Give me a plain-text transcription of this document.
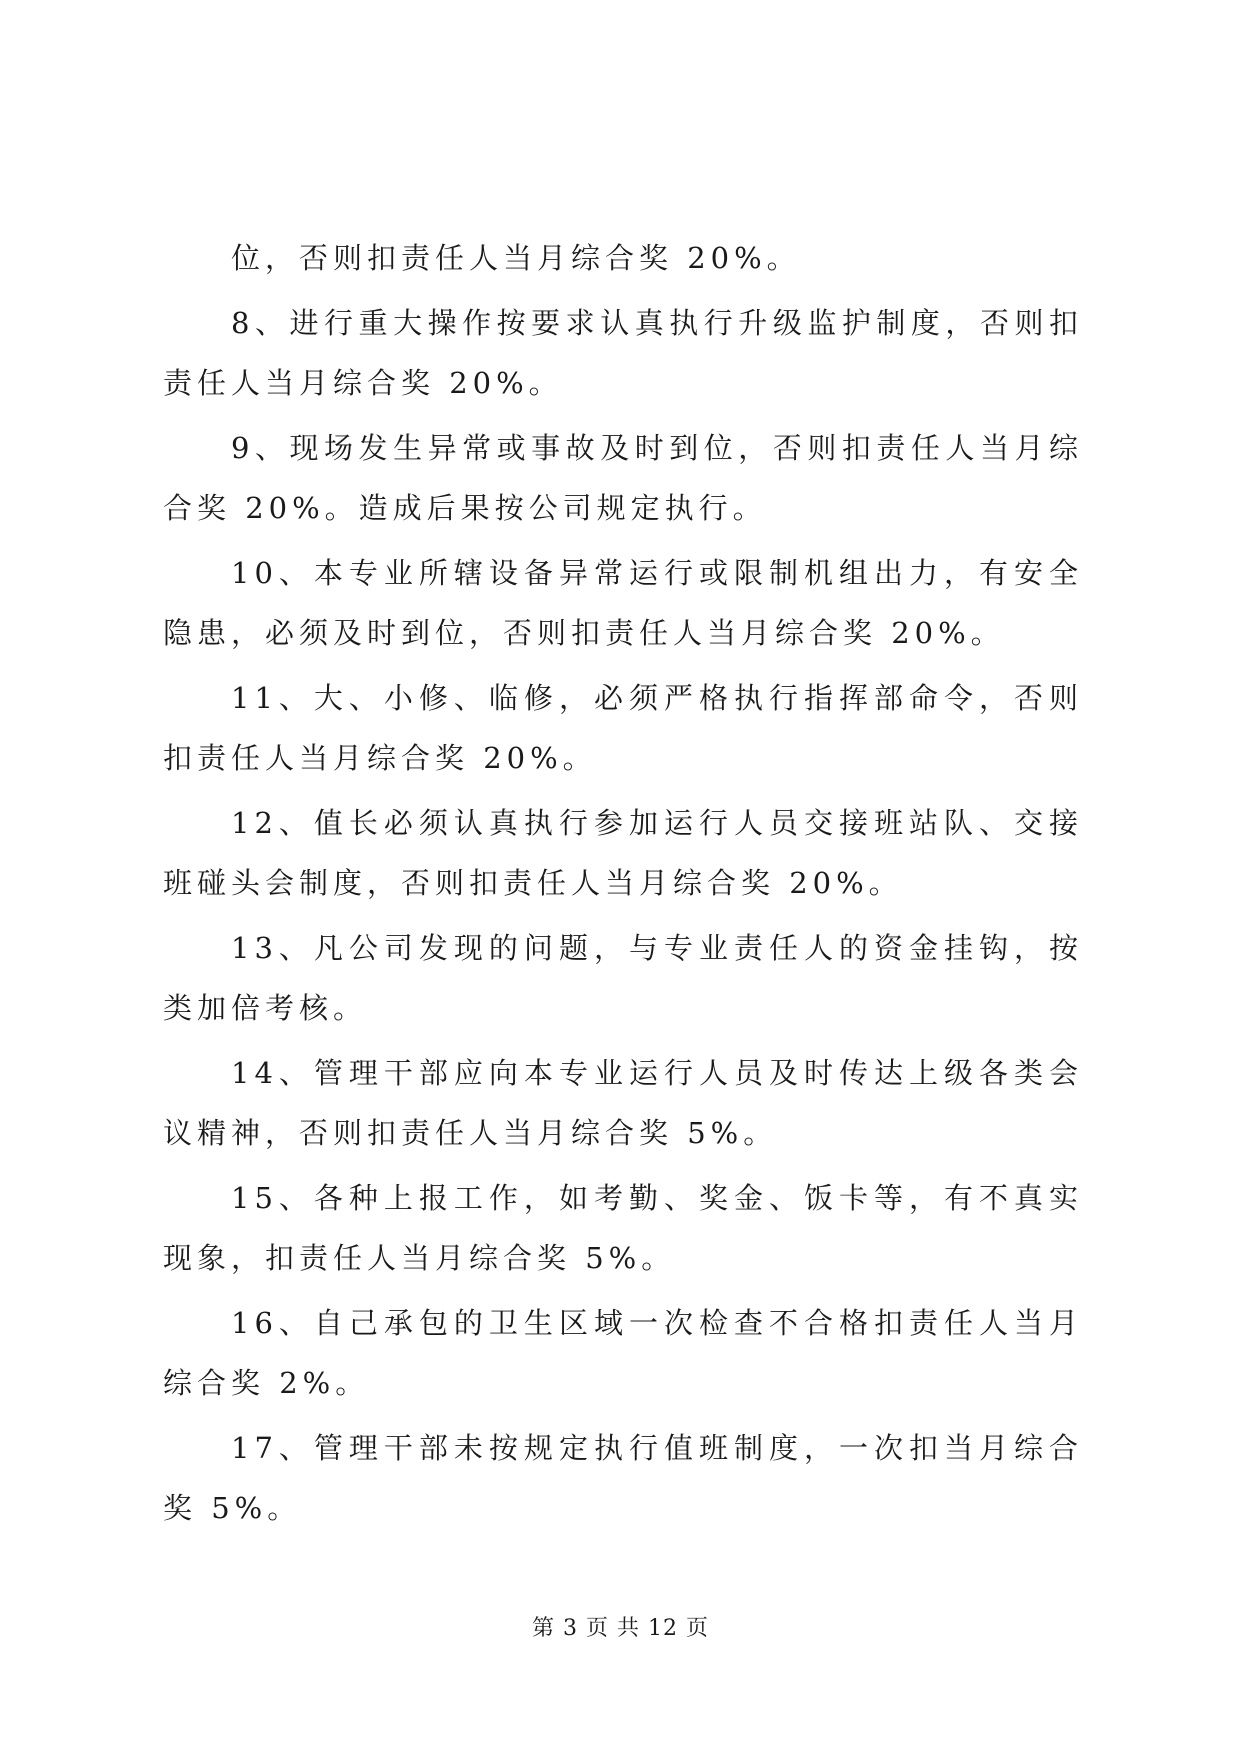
位，否则扣责任人当月综合奖 20%。

8、进行重大操作按要求认真执行升级监护制度，否则扣责任人当月综合奖 20%。

9、现场发生异常或事故及时到位，否则扣责任人当月综合奖 20%。造成后果按公司规定执行。

10、本专业所辖设备异常运行或限制机组出力，有安全隐患，必须及时到位，否则扣责任人当月综合奖 20%。

11、大、小修、临修，必须严格执行指挥部命令，否则扣责任人当月综合奖 20%。

12、值长必须认真执行参加运行人员交接班站队、交接班碰头会制度，否则扣责任人当月综合奖 20%。

13、凡公司发现的问题，与专业责任人的资金挂钩，按类加倍考核。

14、管理干部应向本专业运行人员及时传达上级各类会议精神，否则扣责任人当月综合奖 5%。

15、各种上报工作，如考勤、奖金、饭卡等，有不真实现象，扣责任人当月综合奖 5%。

16、自己承包的卫生区域一次检查不合格扣责任人当月综合奖 2%。

17、管理干部未按规定执行值班制度，一次扣当月综合奖 5%。

第 3 页 共 12 页
